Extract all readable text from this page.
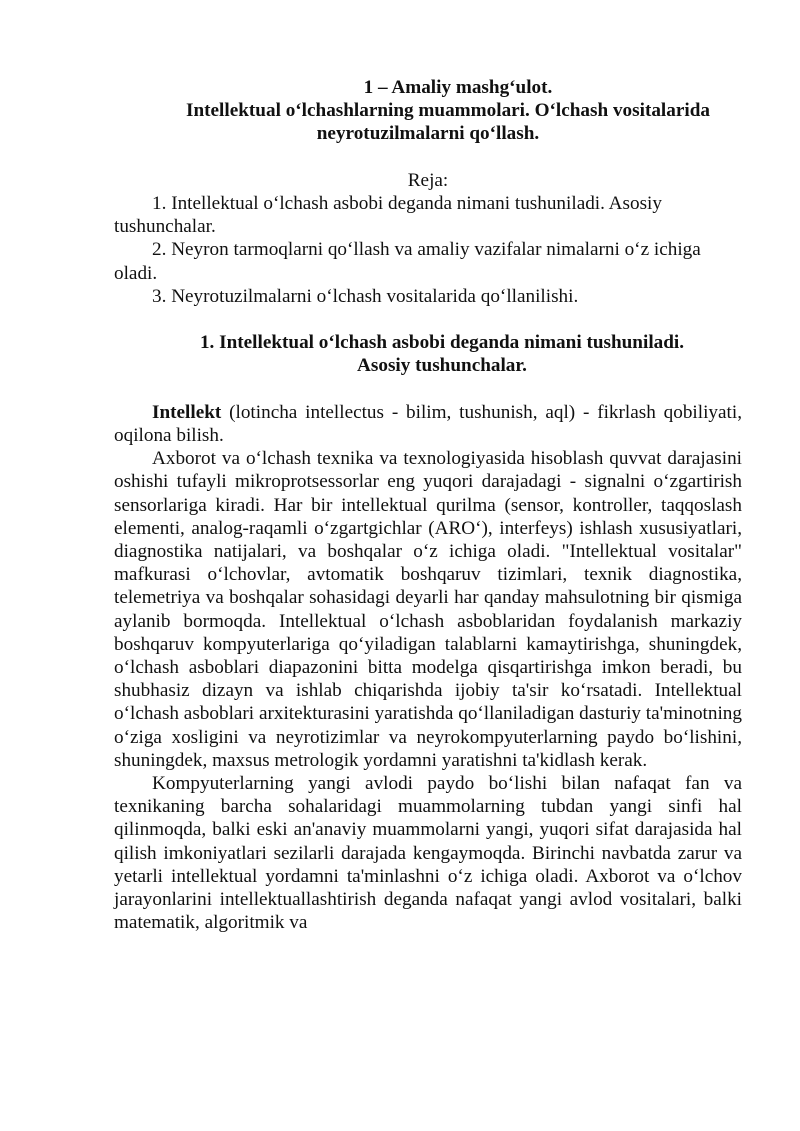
1 – Amaliy mashg‘ulot.

Intellektual o‘lchashlarning muammolari. O‘lchash vositalarida

neyrotuzilmalarni qo‘llash.

Reja:

1. Intellektual o‘lchash asbobi deganda nimani tushuniladi. Asosiy tushunchalar.

2. Neyron tarmoqlarni qo‘llash va amaliy vazifalar nimalarni o‘z ichiga oladi.

3. Neyrotuzilmalarni o‘lchash vositalarida qo‘llanilishi.

1. Intellektual o‘lchash asbobi deganda nimani tushuniladi.

Asosiy tushunchalar.

Intellekt (lotincha intellectus - bilim, tushunish, aql) - fikrlash qobiliyati, oqilona bilish.

Axborot va o‘lchash texnika va texnologiyasida hisoblash quvvat darajasini oshishi tufayli mikroprotsessorlar eng yuqori darajadagi - signalni o‘zgartirish sensorlariga kiradi. Har bir intellektual qurilma (sensor, kontroller, taqqoslash elementi, analog-raqamli o‘zgartgichlar (ARO‘), interfeys) ishlash xususiyatlari, diagnostika natijalari, va boshqalar o‘z ichiga oladi. "Intellektual vositalar" mafkurasi o‘lchovlar, avtomatik boshqaruv tizimlari, texnik diagnostika, telemetriya va boshqalar sohasidagi deyarli har qanday mahsulotning bir qismiga aylanib bormoqda. Intellektual o‘lchash asboblaridan foydalanish markaziy boshqaruv kompyuterlariga qo‘yiladigan talablarni kamaytirishga, shuningdek, o‘lchash asboblari diapazonini bitta modelga qisqartirishga imkon beradi, bu shubhasiz dizayn va ishlab chiqarishda ijobiy ta'sir ko‘rsatadi. Intellektual o‘lchash asboblari arxitekturasini yaratishda qo‘llaniladigan dasturiy ta'minotning o‘ziga xosligini va neyrotizimlar va neyrokompyuterlarning paydo bo‘lishini, shuningdek, maxsus metrologik yordamni yaratishni ta'kidlash kerak.

Kompyuterlarning yangi avlodi paydo bo‘lishi bilan nafaqat fan va texnikaning barcha sohalaridagi muammolarning tubdan yangi sinfi hal qilinmoqda, balki eski an'anaviy muammolarni yangi, yuqori sifat darajasida hal qilish imkoniyatlari sezilarli darajada kengaymoqda. Birinchi navbatda zarur va yetarli intellektual yordamni ta'minlashni o‘z ichiga oladi. Axborot va o‘lchov jarayonlarini intellektuallashtirish deganda nafaqat yangi avlod vositalari, balki matematik, algoritmik va
